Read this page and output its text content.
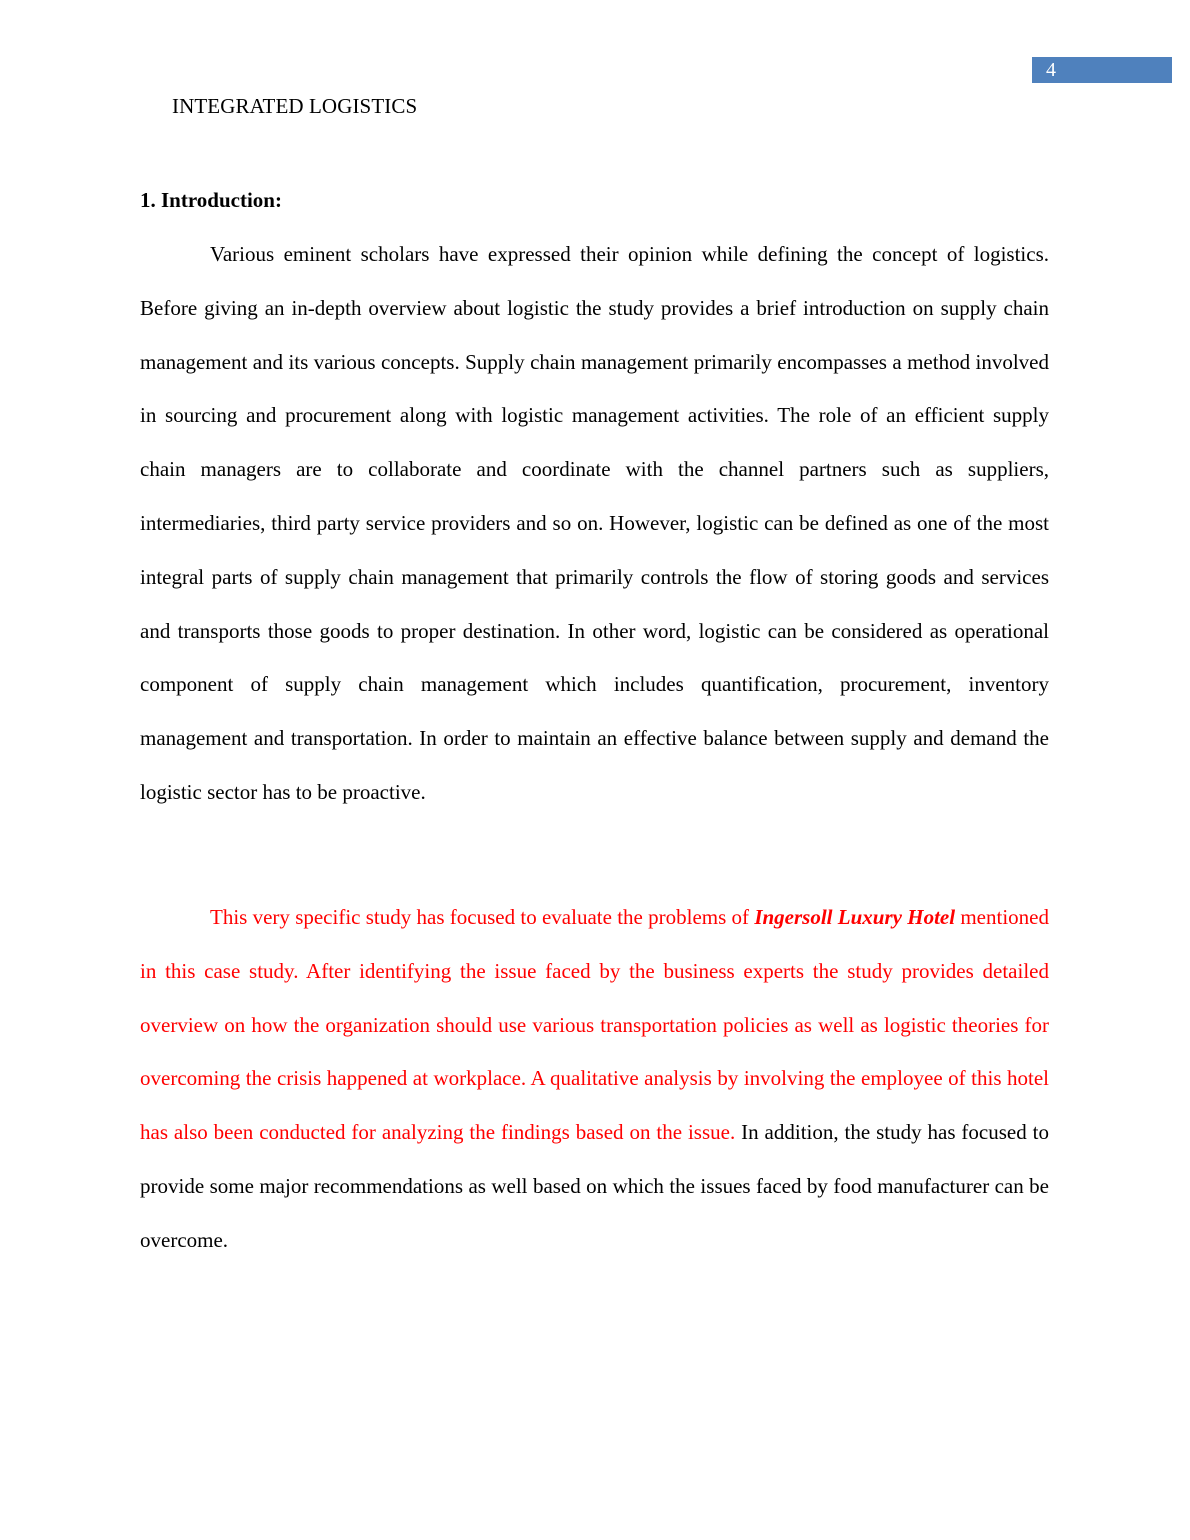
4
INTEGRATED LOGISTICS
1. Introduction:

Various eminent scholars have expressed their opinion while defining the concept of logistics. Before giving an in-depth overview about logistic the study provides a brief introduction on supply chain management and its various concepts. Supply chain management primarily encompasses a method involved in sourcing and procurement along with logistic management activities. The role of an efficient supply chain managers are to collaborate and coordinate with the channel partners such as suppliers, intermediaries, third party service providers and so on. However, logistic can be defined as one of the most integral parts of supply chain management that primarily controls the flow of storing goods and services and transports those goods to proper destination. In other word, logistic can be considered as operational component of supply chain management which includes quantification, procurement, inventory management and transportation. In order to maintain an effective balance between supply and demand the logistic sector has to be proactive.

This very specific study has focused to evaluate the problems of Ingersoll Luxury Hotel mentioned in this case study. After identifying the issue faced by the business experts the study provides detailed overview on how the organization should use various transportation policies as well as logistic theories for overcoming the crisis happened at workplace. A qualitative analysis by involving the employee of this hotel has also been conducted for analyzing the findings based on the issue. In addition, the study has focused to provide some major recommendations as well based on which the issues faced by food manufacturer can be overcome.
